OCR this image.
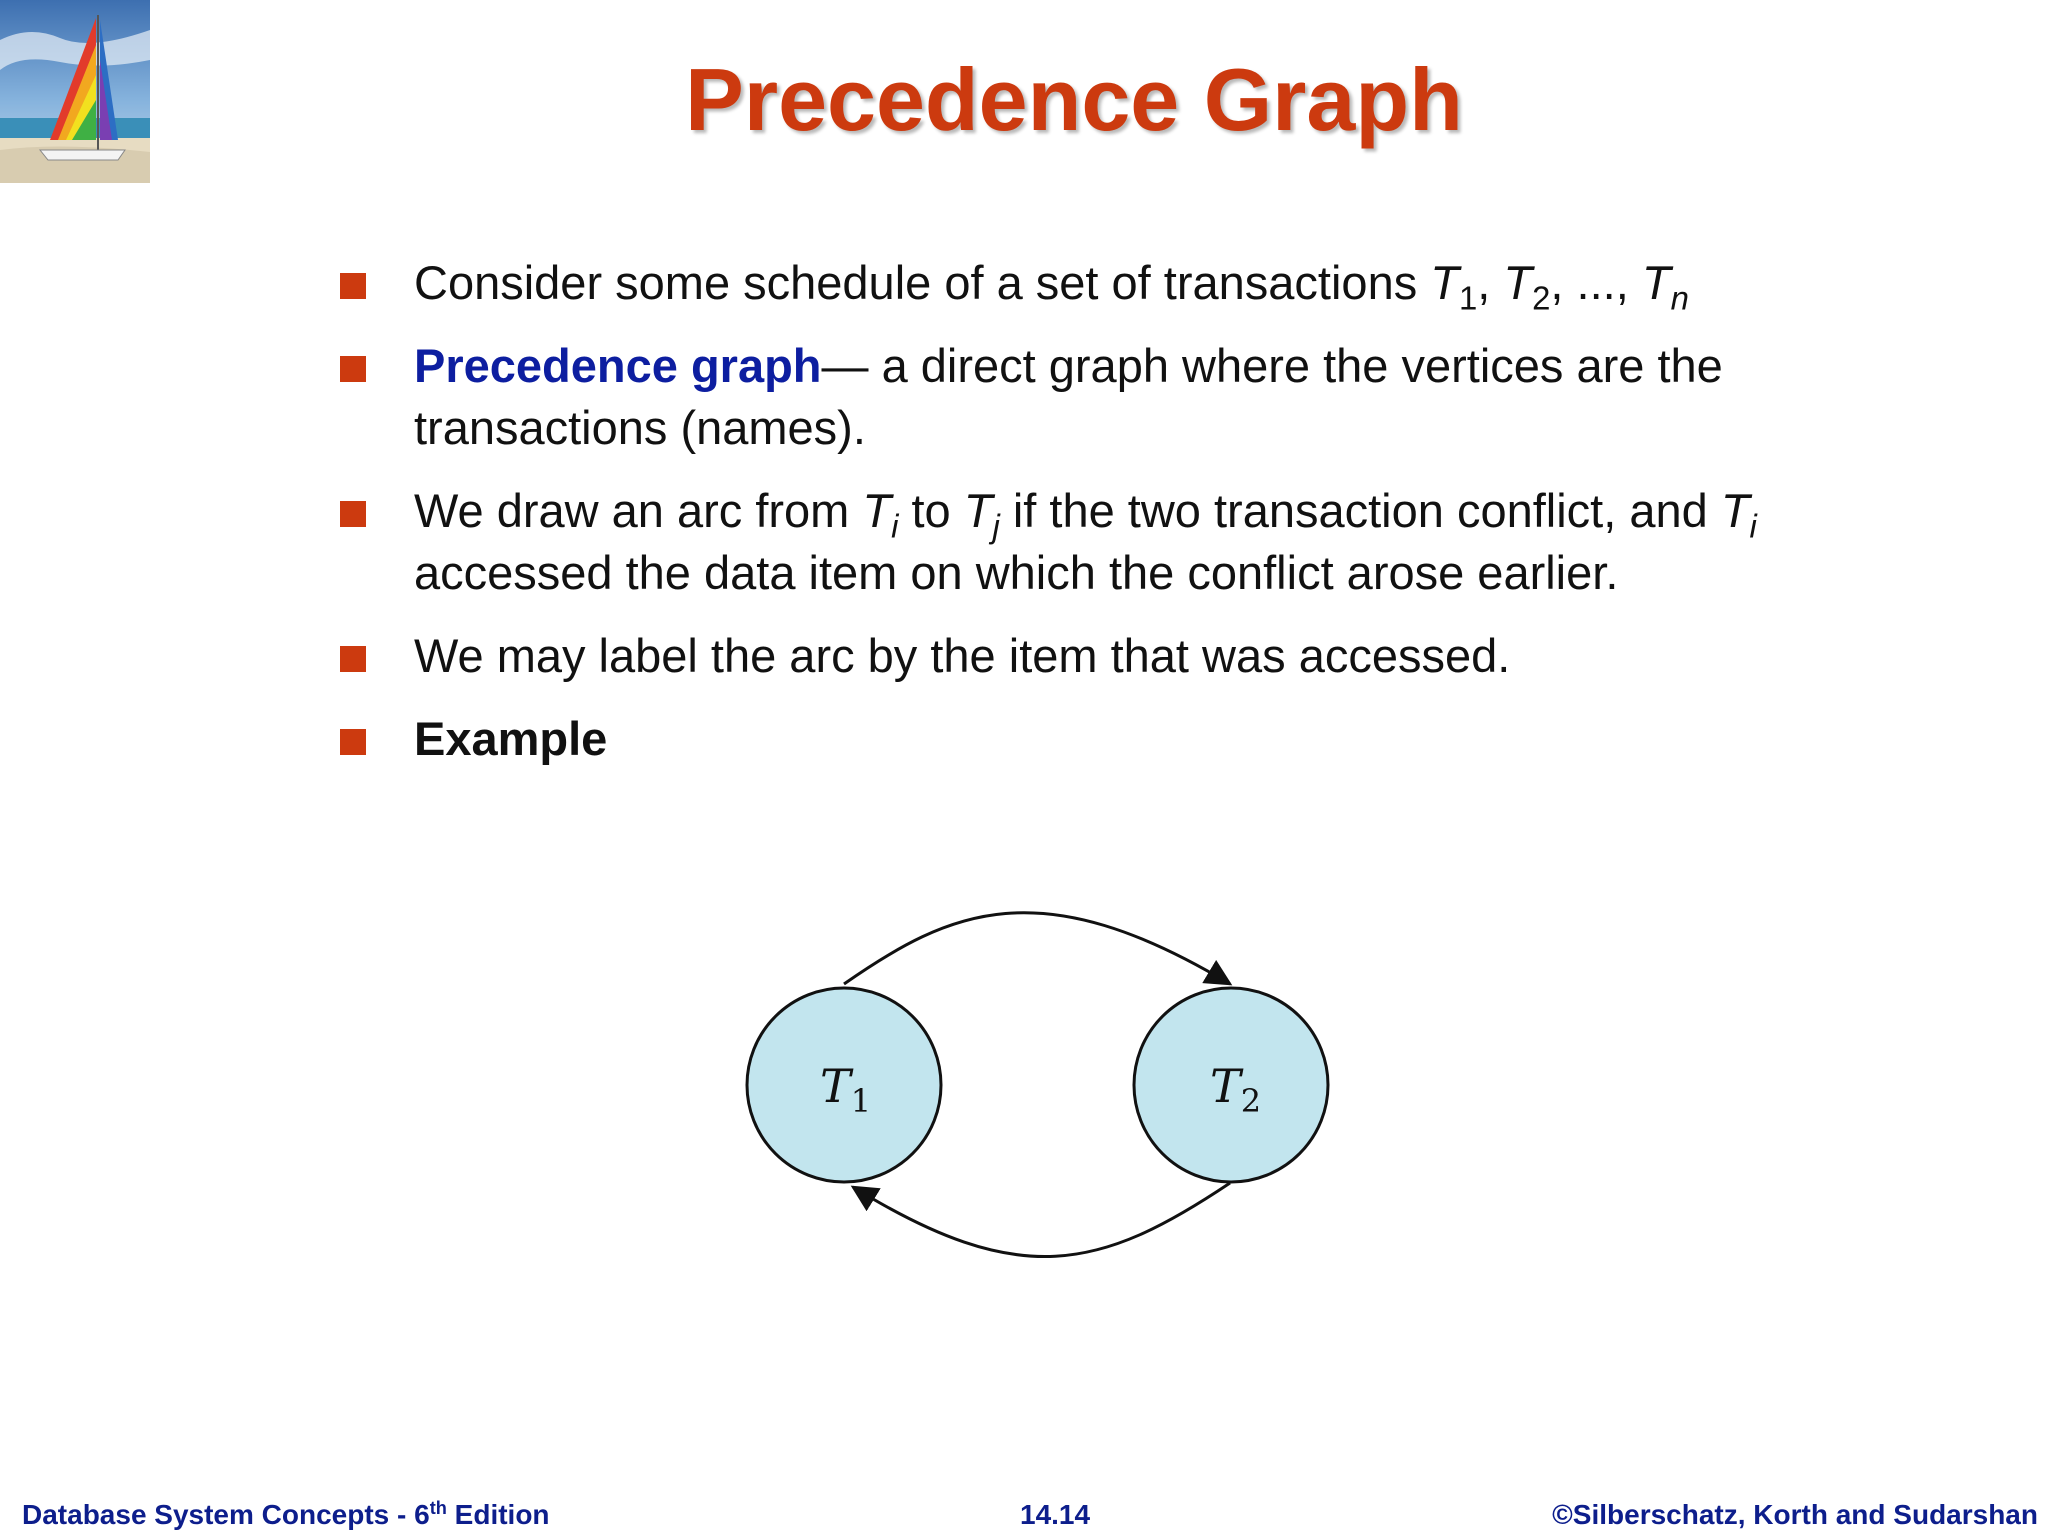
Precedence Graph
Consider some schedule of a set of transactions $T_1$, $T_2$, ..., $T_n$
Precedence graph— a direct graph where the vertices are the transactions (names).
We draw an arc from $T_i$ to $T_j$ if the two transaction conflict, and $T_i$ accessed the data item on which the conflict arose earlier.
We may label the arc by the item that was accessed.
Example
$T_1$	$T_2$
Database System Concepts - 6th Edition	14.14	©Silberschatz, Korth and Sudarshan
